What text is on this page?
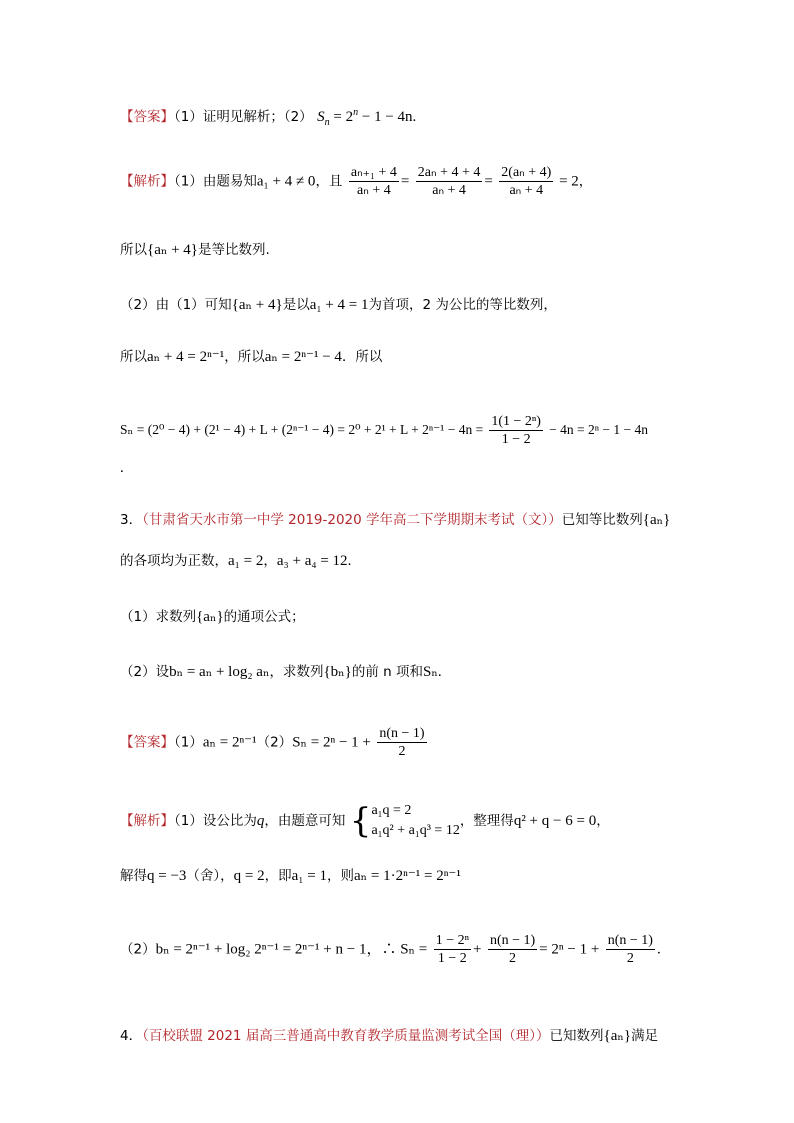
【答案】（1）证明见解析；（2） $S_n = 2^n - 1 - 4n$.
【解析】（1）由题易知a₁ + 4 ≠ 0，且 $\frac{\text{aₙ₊₁ + 4}}{\text{aₙ + 4}} = \frac{\text{2aₙ + 4 + 4}}{\text{aₙ + 4}} = \frac{\text{2(aₙ + 4)}}{\text{aₙ + 4}} = 2$，
所以{aₙ + 4}是等比数列.
（2）由（1）可知{aₙ + 4}是以a₁ + 4 = 1为首项，2 为公比的等比数列，
所以aₙ + 4 = 2ⁿ⁻¹，所以aₙ = 2ⁿ⁻¹ − 4．所以
$S_n = (2^0 - 4) + (2^1 - 4) + L + (2^{n-1} - 4) = 2^0 + 2^1 + L + 2^{n-1} - 4n = \frac{\text{1(1 − 2ⁿ)}}{1 - 2} - 4n = 2^n - 1 - 4n$
.
3．（甘肃省天水市第一中学 2019-2020 学年高二下学期期末考试（文））已知等比数列{aₙ}
的各项均为正数，a₁ = 2，a₃ + a₄ = 12.
（1）求数列{aₙ}的通项公式；
（2）设bₙ = aₙ + log₂ aₙ，求数列{bₙ}的前 n 项和Sₙ.
【答案】$(1)a_n = 2^{n-1}(2)S_n = 2^n - 1 + \frac{n(n - 1)}{2}$
【解析】（1）设公比为q，由题意可知 { a₁q = 2
a₁q² + a₁q³ = 12
，整理得q² + q − 6 = 0，
解得q = −3（舍），q = 2，即a₁ = 1，则aₙ = 1·2ⁿ⁻¹ = 2ⁿ⁻¹
（2）bₙ = 2ⁿ⁻¹ + log₂ 2ⁿ⁻¹ = 2ⁿ⁻¹ + n − 1，∴ $S_n = \frac{\text{1 − 2ⁿ}}{1 - 2} + \frac{n(n - 1)}{2} = 2^n - 1 + \frac{n(n - 1)}{2}$ .
4．（百校联盟 2021 届高三普通高中教育教学质量监测考试全国（理））已知数列{aₙ}满足
